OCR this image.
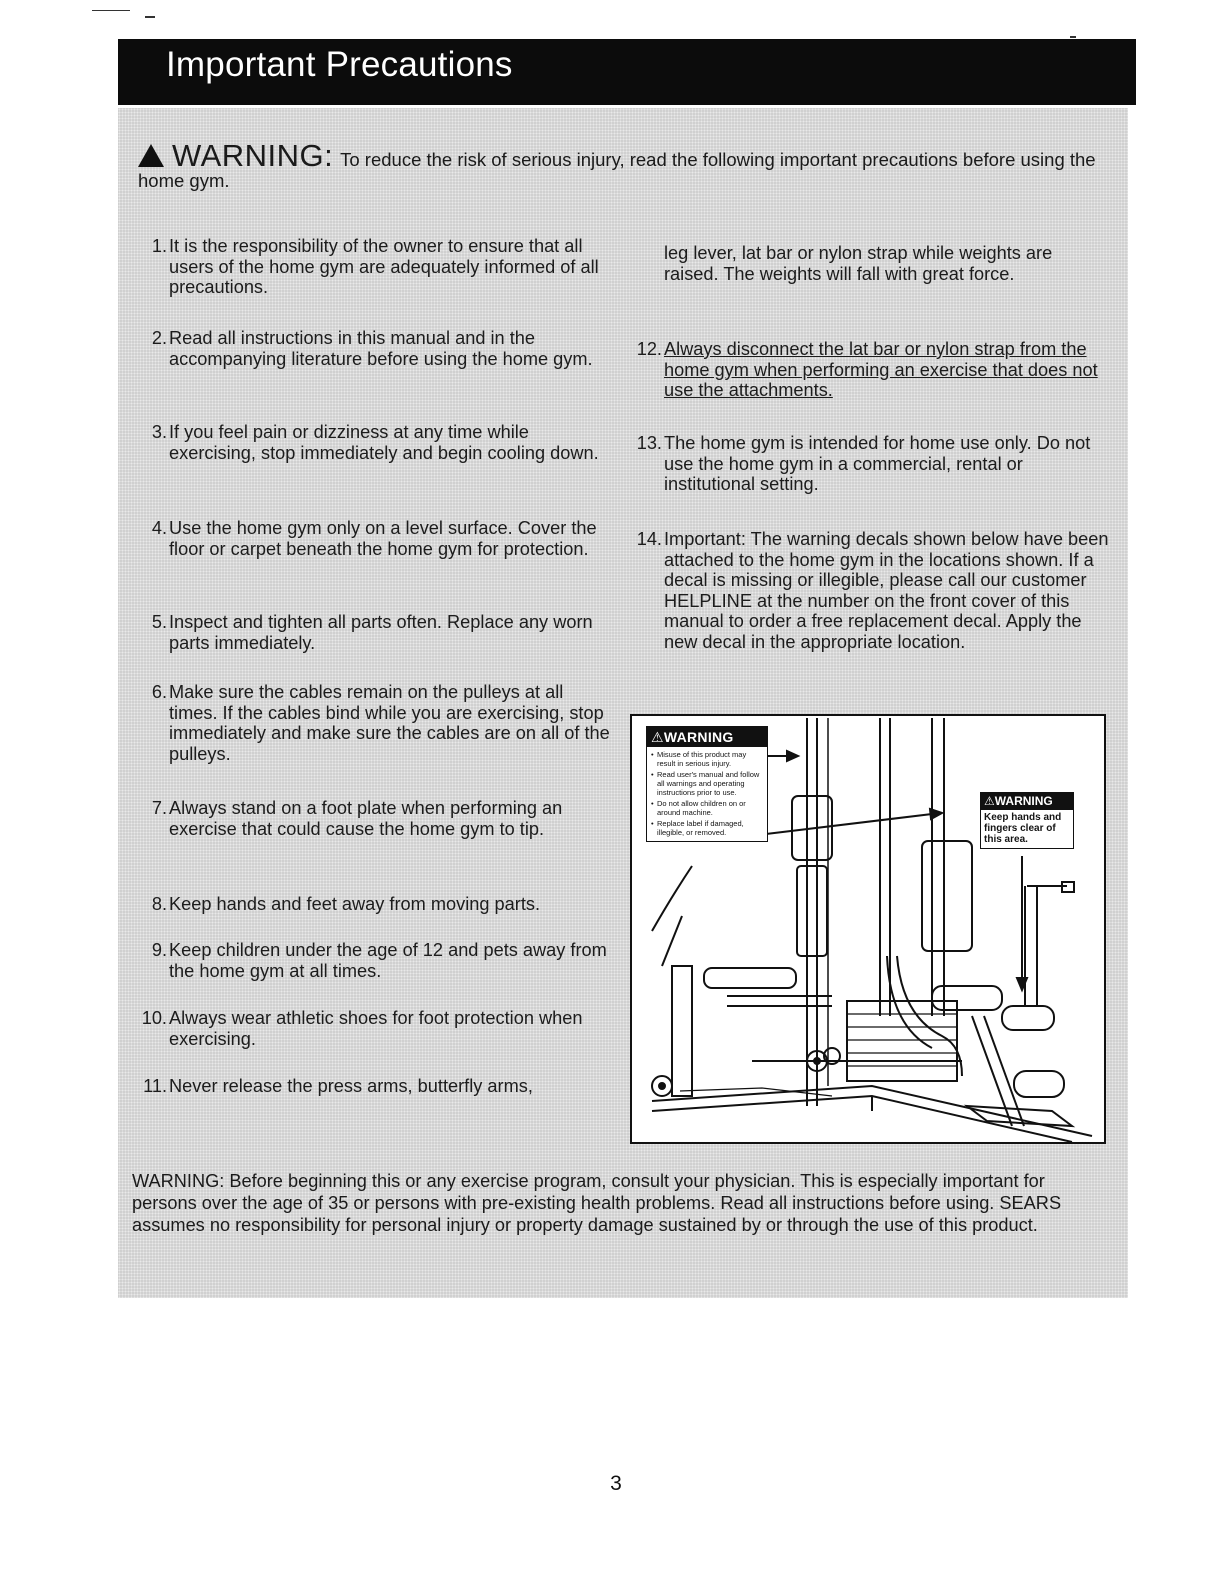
Important Precautions
WARNING: To reduce the risk of serious injury, read the following important precautions before using the home gym.
1. It is the responsibility of the owner to ensure that all users of the home gym are adequately informed of all precautions.
2. Read all instructions in this manual and in the accompanying literature before using the home gym.
3. If you feel pain or dizziness at any time while exercising, stop immediately and begin cooling down.
4. Use the home gym only on a level surface. Cover the floor or carpet beneath the home gym for protection.
5. Inspect and tighten all parts often. Replace any worn parts immediately.
6. Make sure the cables remain on the pulleys at all times. If the cables bind while you are exercising, stop immediately and make sure the cables are on all of the pulleys.
7. Always stand on a foot plate when performing an exercise that could cause the home gym to tip.
8. Keep hands and feet away from moving parts.
9. Keep children under the age of 12 and pets away from the home gym at all times.
10. Always wear athletic shoes for foot protection when exercising.
11. Never release the press arms, butterfly arms,
leg lever, lat bar or nylon strap while weights are raised. The weights will fall with great force.
12. Always disconnect the lat bar or nylon strap from the home gym when performing an exercise that does not use the attachments.
13. The home gym is intended for home use only. Do not use the home gym in a commercial, rental or institutional setting.
14. Important: The warning decals shown below have been attached to the home gym in the locations shown. If a decal is missing or illegible, please call our customer HELPLINE at the number on the front cover of this manual to order a free replacement decal. Apply the new decal in the appropriate location.
⚠WARNING
• Misuse of this product may result in serious injury.
• Read user's manual and follow all warnings and operating instructions prior to use.
• Do not allow children on or around machine.
• Replace label if damaged, illegible, or removed.
⚠WARNING
Keep hands and fingers clear of this area.
WARNING: Before beginning this or any exercise program, consult your physician. This is especially important for persons over the age of 35 or persons with pre-existing health problems. Read all instructions before using. SEARS assumes no responsibility for personal injury or property damage sustained by or through the use of this product.
3
